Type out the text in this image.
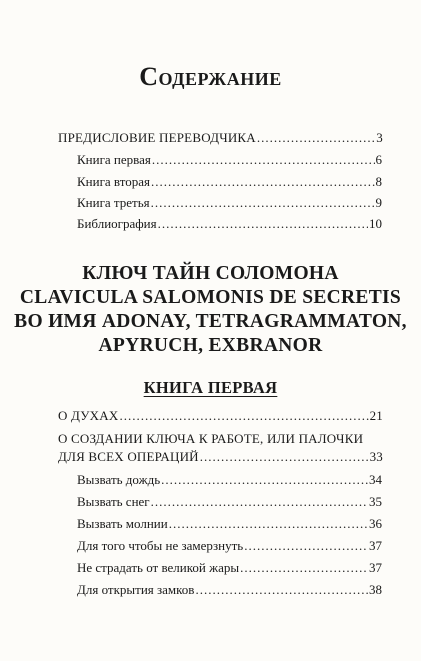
Содержание
ПРЕДИСЛОВИЕ ПЕРЕВОДЧИКА .....	3
Книга первая .....	6
Книга вторая .....	8
Книга третья .....	9
Библиография .....	10
КЛЮЧ ТАЙН СОЛОМОНА
CLAVICULA SALOMONIS DE SECRETIS
ВО ИМЯ ADONAY, TETRAGRAMMATON,
APYRUCH, EXBRANOR
КНИГА ПЕРВАЯ
О ДУХАХ .....	21
О СОЗДАНИИ КЛЮЧА К РАБОТЕ, ИЛИ ПАЛОЧКИ
ДЛЯ ВСЕХ ОПЕРАЦИЙ .....	33
Вызвать дождь .....	34
Вызвать снег .....	35
Вызвать молнии .....	36
Для того чтобы не замерзнуть .....	37
Не страдать от великой жары .....	37
Для открытия замков .....	38
